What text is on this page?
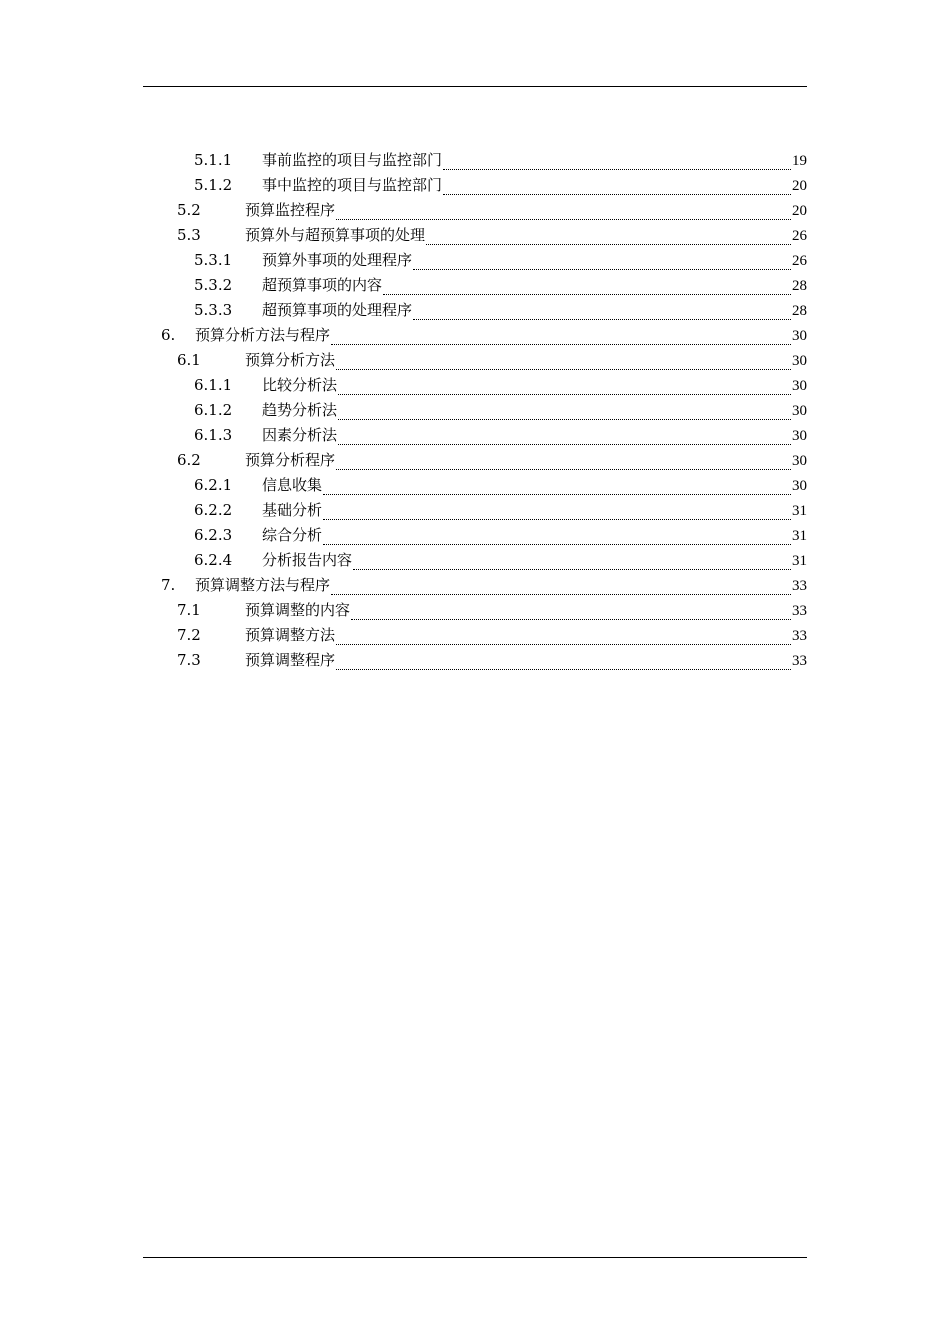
5.1.1	事前监控的项目与监控部门	19
5.1.2	事中监控的项目与监控部门	20
5.2	预算监控程序	20
5.3	预算外与超预算事项的处理	26
5.3.1	预算外事项的处理程序	26
5.3.2	超预算事项的内容	28
5.3.3	超预算事项的处理程序	28
6.	预算分析方法与程序	30
6.1	预算分析方法	30
6.1.1	比较分析法	30
6.1.2	趋势分析法	30
6.1.3	因素分析法	30
6.2	预算分析程序	30
6.2.1	信息收集	30
6.2.2	基础分析	31
6.2.3	综合分析	31
6.2.4	分析报告内容	31
7.	预算调整方法与程序	33
7.1	预算调整的内容	33
7.2	预算调整方法	33
7.3	预算调整程序	33
